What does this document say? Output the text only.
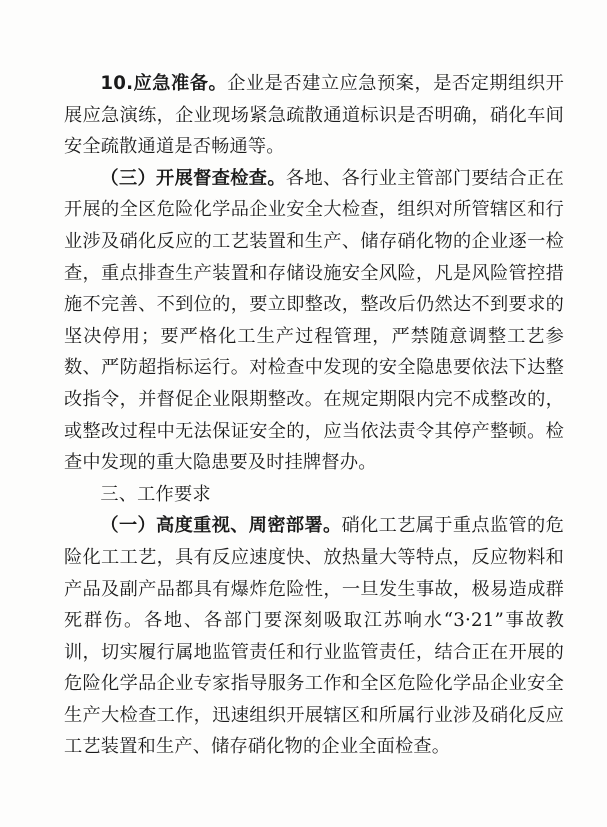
10.应急准备。企业是否建立应急预案，是否定期组织开展应急演练，企业现场紧急疏散通道标识是否明确，硝化车间安全疏散通道是否畅通等。

（三）开展督查检查。各地、各行业主管部门要结合正在开展的全区危险化学品企业安全大检查，组织对所管辖区和行业涉及硝化反应的工艺装置和生产、储存硝化物的企业逐一检查，重点排查生产装置和存储设施安全风险，凡是风险管控措施不完善、不到位的，要立即整改，整改后仍然达不到要求的坚决停用；要严格化工生产过程管理，严禁随意调整工艺参数、严防超指标运行。对检查中发现的安全隐患要依法下达整改指令，并督促企业限期整改。在规定期限内完不成整改的，或整改过程中无法保证安全的，应当依法责令其停产整顿。检查中发现的重大隐患要及时挂牌督办。

三、工作要求

（一）高度重视、周密部署。硝化工艺属于重点监管的危险化工工艺，具有反应速度快、放热量大等特点，反应物料和产品及副产品都具有爆炸危险性，一旦发生事故，极易造成群死群伤。各地、各部门要深刻吸取江苏响水“3·21”事故教训，切实履行属地监管责任和行业监管责任，结合正在开展的危险化学品企业专家指导服务工作和全区危险化学品企业安全生产大检查工作，迅速组织开展辖区和所属行业涉及硝化反应工艺装置和生产、储存硝化物的企业全面检查。
